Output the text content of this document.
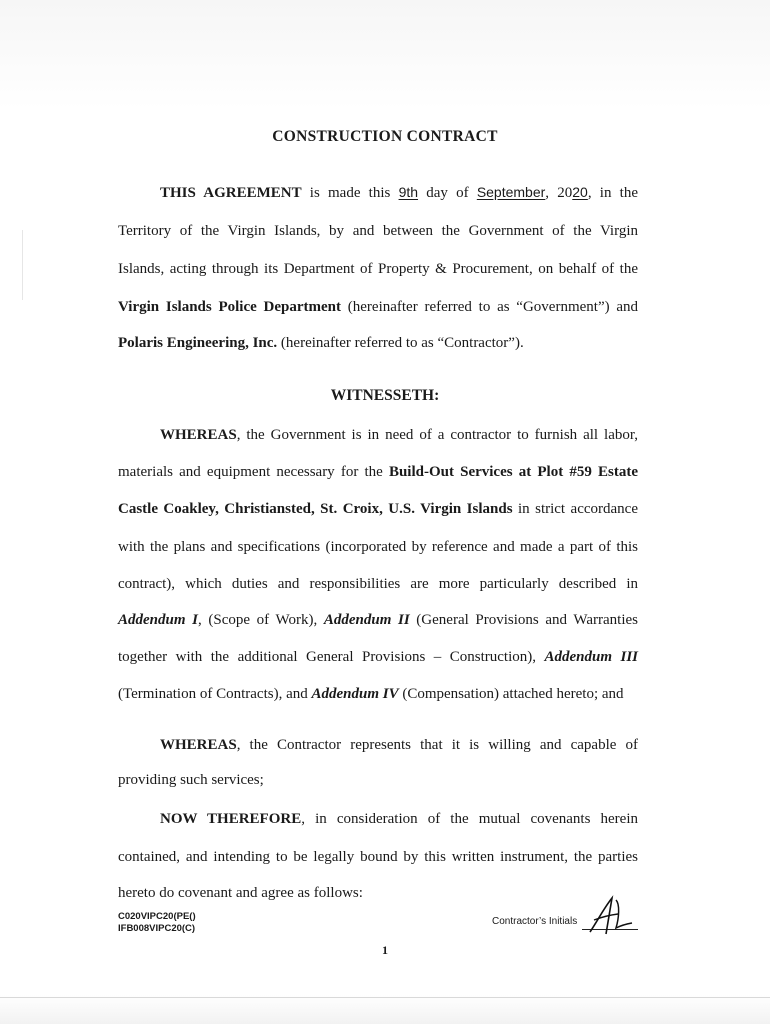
CONSTRUCTION CONTRACT
THIS AGREEMENT is made this 9th day of September, 2020, in the
Territory of the Virgin Islands, by and between the Government of the Virgin
Islands, acting through its Department of Property & Procurement, on behalf of the
Virgin Islands Police Department (hereinafter referred to as “Government”) and
Polaris Engineering, Inc. (hereinafter referred to as “Contractor”).
WITNESSETH:
WHEREAS, the Government is in need of a contractor to furnish all labor,
materials and equipment necessary for the Build-Out Services at Plot #59 Estate
Castle Coakley, Christiansted, St. Croix, U.S. Virgin Islands in strict accordance
with the plans and specifications (incorporated by reference and made a part of this
contract), which duties and responsibilities are more particularly described in
Addendum I, (Scope of Work), Addendum II (General Provisions and Warranties
together with the additional General Provisions – Construction), Addendum III
(Termination of Contracts), and Addendum IV (Compensation) attached hereto; and
WHEREAS, the Contractor represents that it is willing and capable of
providing such services;
NOW THEREFORE, in consideration of the mutual covenants herein
contained, and intending to be legally bound by this written instrument, the parties
hereto do covenant and agree as follows:
C020VIPC20(PE()
IFB008VIPC20(C)
Contractor’s Initials
1
